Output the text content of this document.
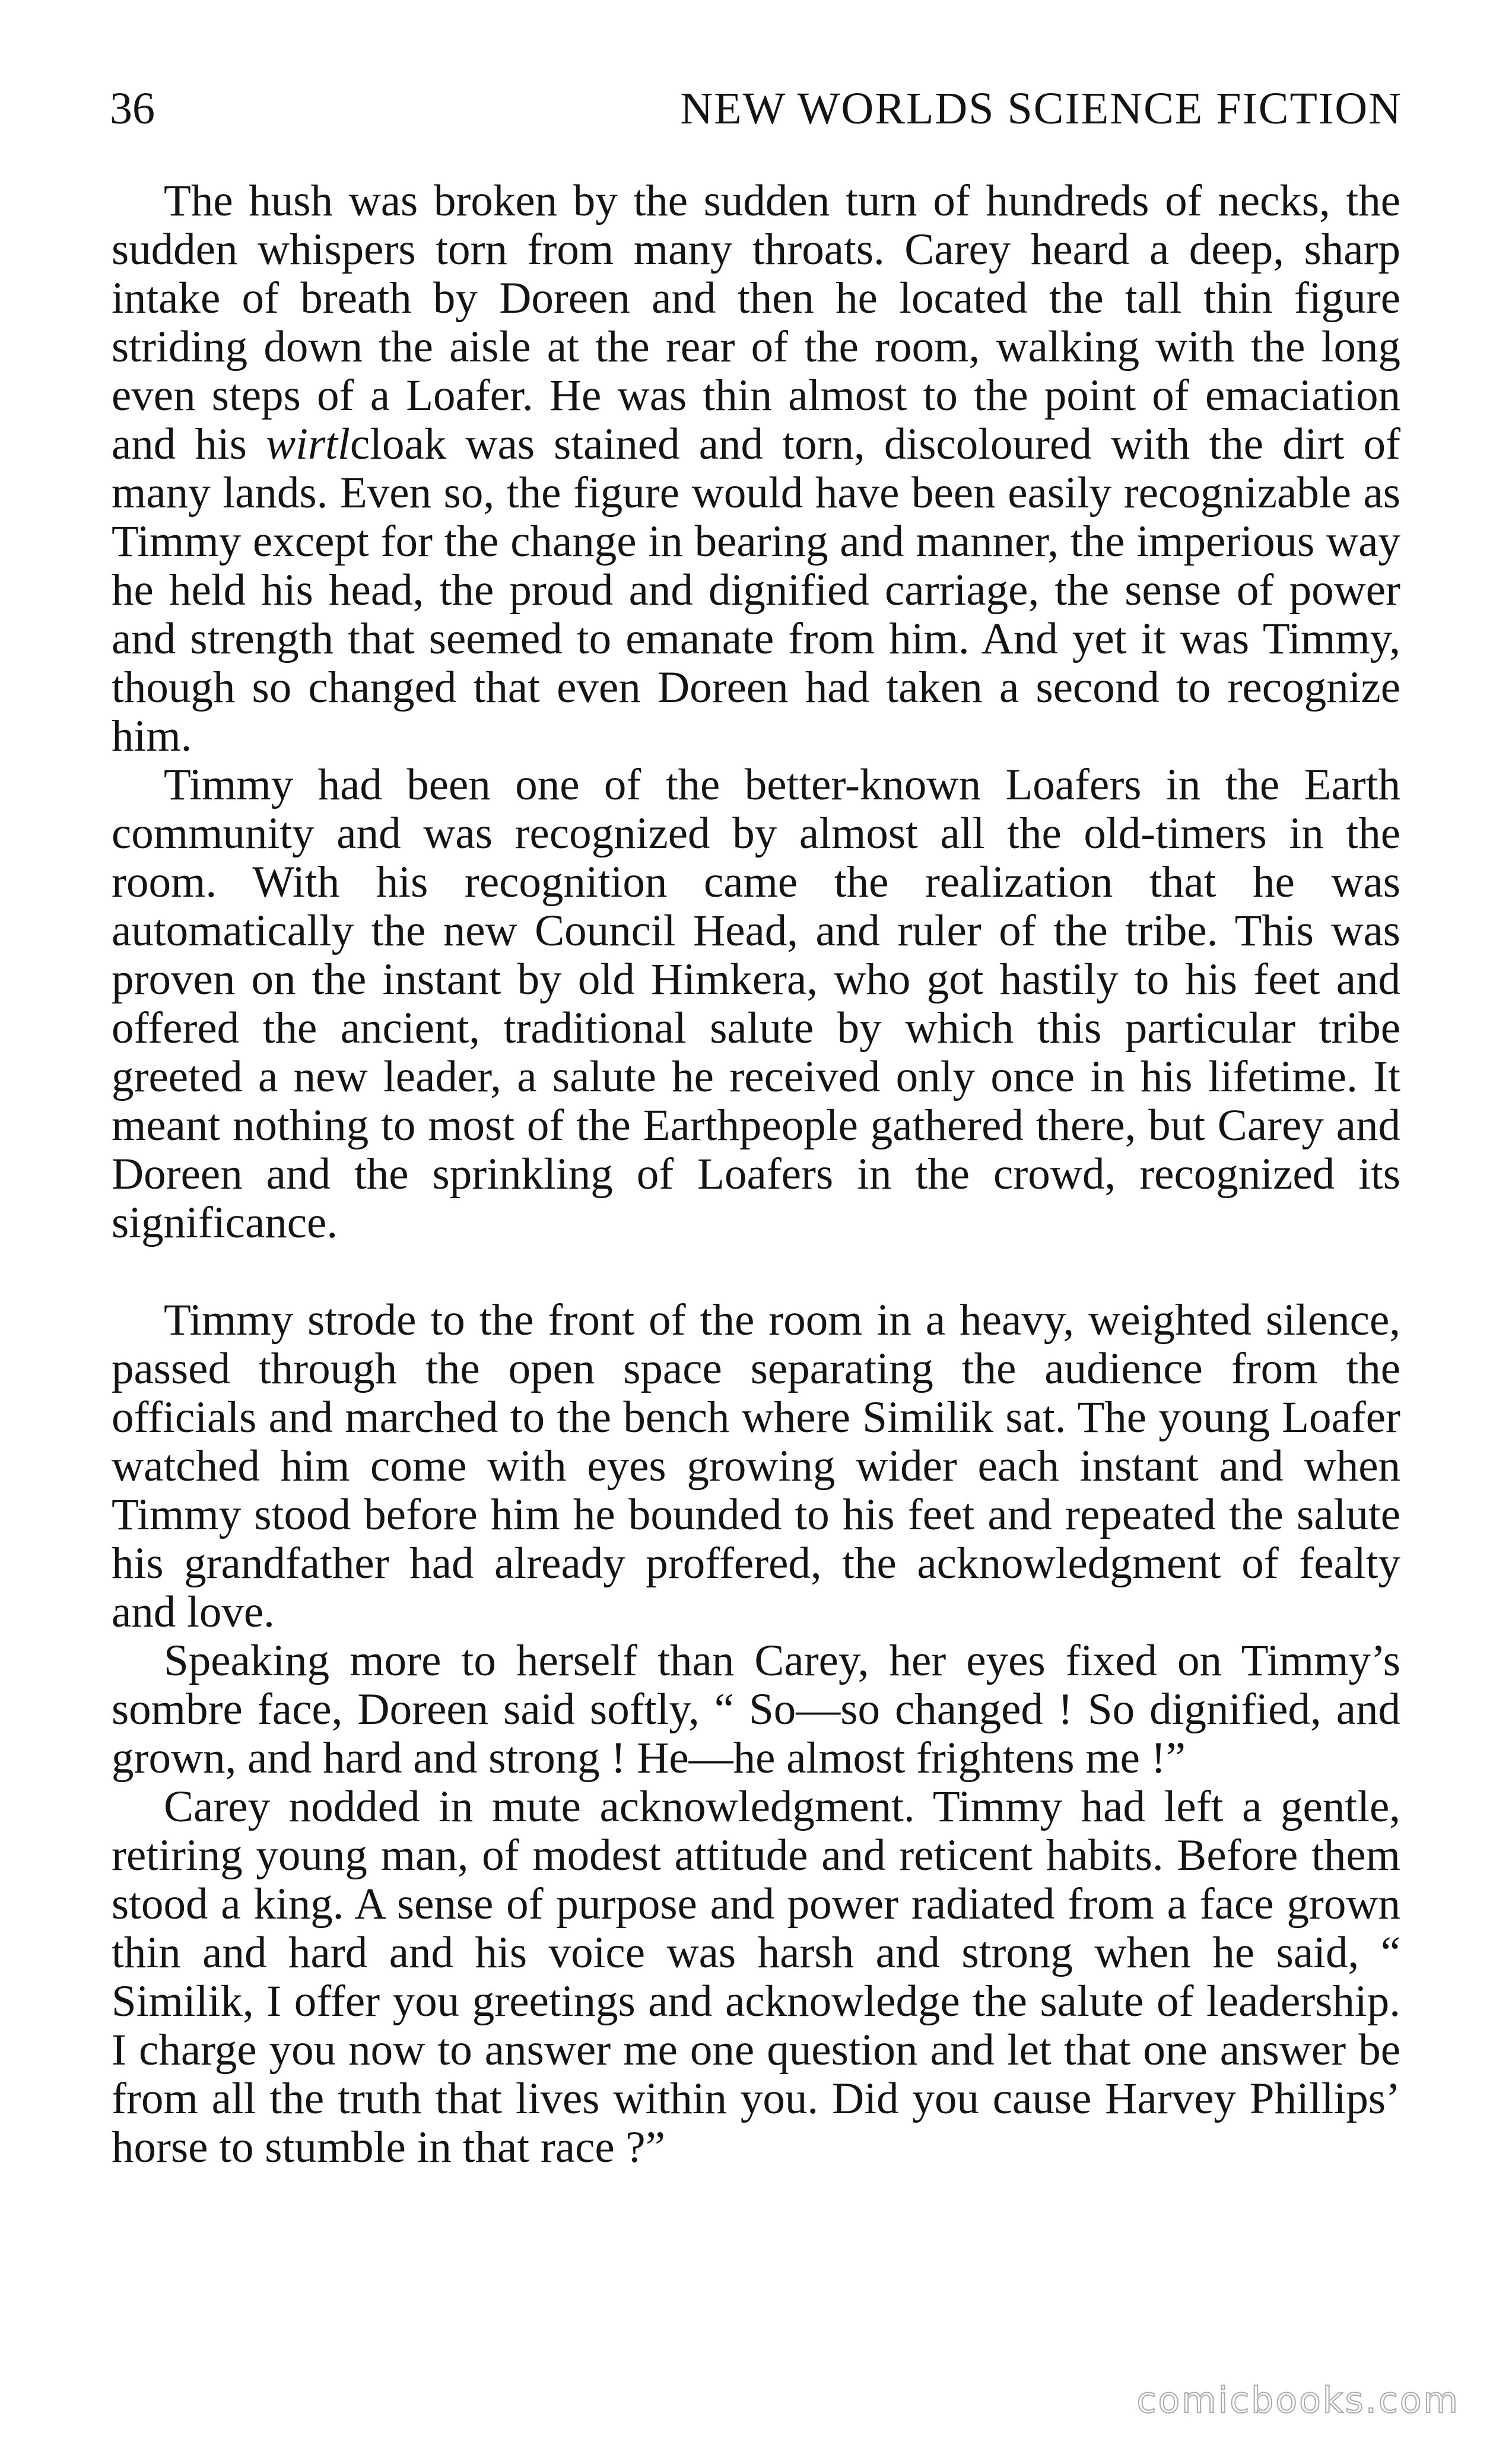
36	NEW WORLDS SCIENCE FICTION

The hush was broken by the sudden turn of hundreds of necks, the sudden whispers torn from many throats. Carey heard a deep, sharp intake of breath by Doreen and then he located the tall thin figure striding down the aisle at the rear of the room, walking with the long even steps of a Loafer. He was thin almost to the point of emaciation and his wirtlcloak was stained and torn, discoloured with the dirt of many lands. Even so, the figure would have been easily recognizable as Timmy except for the change in bearing and manner, the imperious way he held his head, the proud and dignified carriage, the sense of power and strength that seemed to emanate from him. And yet it was Timmy, though so changed that even Doreen had taken a second to recognize him.

Timmy had been one of the better-known Loafers in the Earth community and was recognized by almost all the old-timers in the room. With his recognition came the realization that he was automatically the new Council Head, and ruler of the tribe. This was proven on the instant by old Himkera, who got hastily to his feet and offered the ancient, traditional salute by which this particular tribe greeted a new leader, a salute he received only once in his lifetime. It meant nothing to most of the Earthpeople gathered there, but Carey and Doreen and the sprinkling of Loafers in the crowd, recognized its significance.

Timmy strode to the front of the room in a heavy, weighted silence, passed through the open space separating the audience from the officials and marched to the bench where Similik sat. The young Loafer watched him come with eyes growing wider each instant and when Timmy stood before him he bounded to his feet and repeated the salute his grandfather had already proffered, the acknowledgment of fealty and love.

Speaking more to herself than Carey, her eyes fixed on Timmy’s sombre face, Doreen said softly, “ So—so changed ! So dignified, and grown, and hard and strong ! He—he almost frightens me !”

Carey nodded in mute acknowledgment. Timmy had left a gentle, retiring young man, of modest attitude and reticent habits. Before them stood a king. A sense of purpose and power radiated from a face grown thin and hard and his voice was harsh and strong when he said, “ Similik, I offer you greetings and acknowledge the salute of leadership. I charge you now to answer me one question and let that one answer be from all the truth that lives within you. Did you cause Harvey Phillips’ horse to stumble in that race ?”

comicbooks.com
